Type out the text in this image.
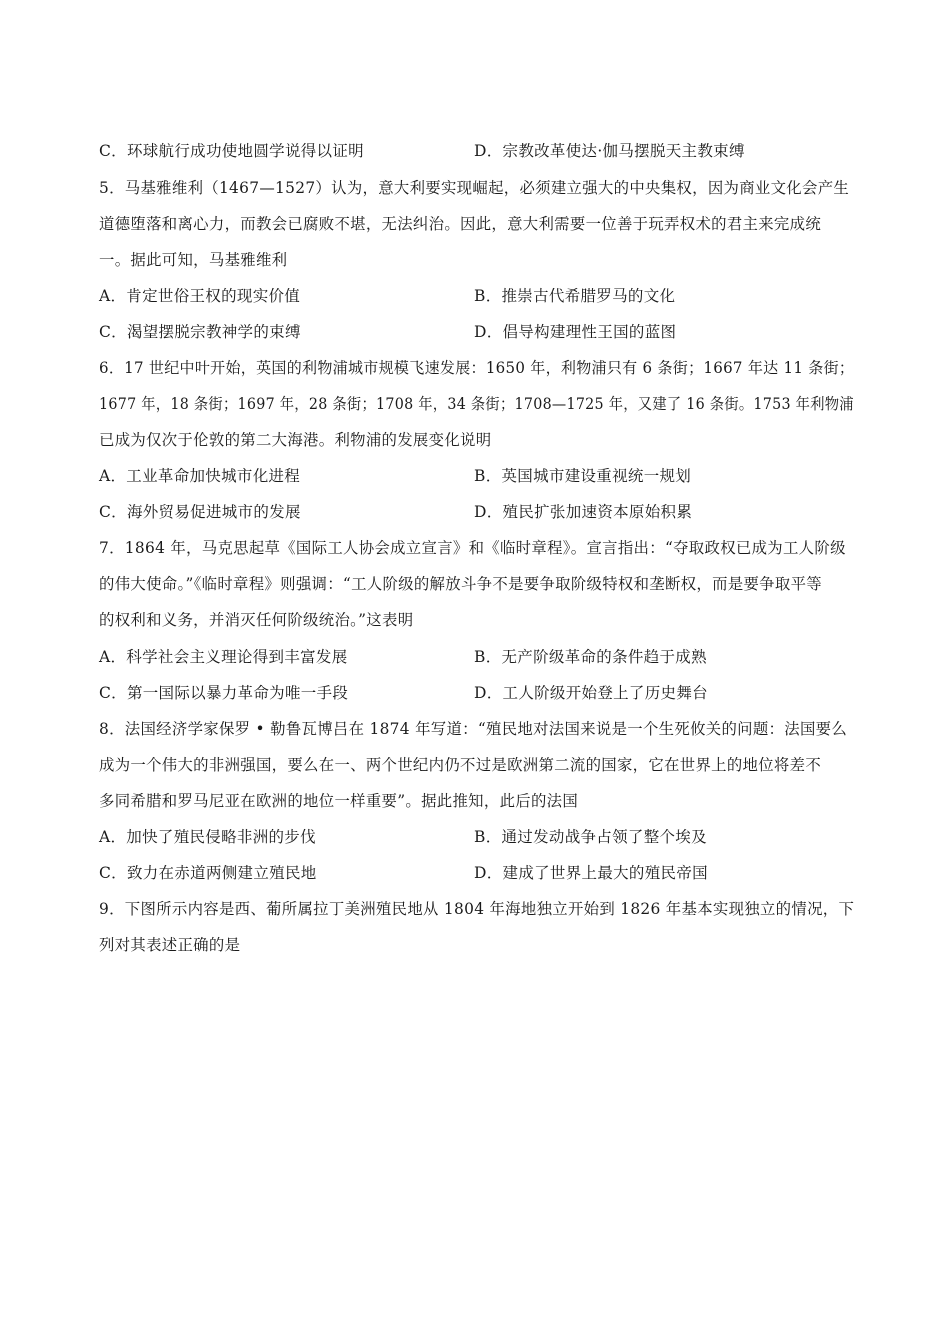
C．环球航行成功使地圆学说得以证明	D．宗教改革使达·伽马摆脱天主教束缚
5．马基雅维利（1467—1527）认为，意大利要实现崛起，必须建立强大的中央集权，因为商业文化会产生
道德堕落和离心力，而教会已腐败不堪，无法纠治。因此，意大利需要一位善于玩弄权术的君主来完成统
一。据此可知，马基雅维利
A．肯定世俗王权的现实价值	B．推崇古代希腊罗马的文化
C．渴望摆脱宗教神学的束缚	D．倡导构建理性王国的蓝图
6．17 世纪中叶开始，英国的利物浦城市规模飞速发展：1650 年，利物浦只有 6 条街；1667 年达 11 条街；
1677 年，18 条街；1697 年，28 条街；1708 年，34 条街；1708—1725 年，又建了 16 条街。1753 年利物浦
已成为仅次于伦敦的第二大海港。利物浦的发展变化说明
A．工业革命加快城市化进程	B．英国城市建设重视统一规划
C．海外贸易促进城市的发展	D．殖民扩张加速资本原始积累
7．1864 年，马克思起草《国际工人协会成立宣言》和《临时章程》。宣言指出：“夺取政权已成为工人阶级
的伟大使命。”《临时章程》则强调：“工人阶级的解放斗争不是要争取阶级特权和垄断权，而是要争取平等
的权利和义务，并消灭任何阶级统治。”这表明
A．科学社会主义理论得到丰富发展	B．无产阶级革命的条件趋于成熟
C．第一国际以暴力革命为唯一手段	D．工人阶级开始登上了历史舞台
8．法国经济学家保罗 • 勒鲁瓦博吕在 1874 年写道：“殖民地对法国来说是一个生死攸关的问题：法国要么
成为一个伟大的非洲强国，要么在一、两个世纪内仍不过是欧洲第二流的国家，它在世界上的地位将差不
多同希腊和罗马尼亚在欧洲的地位一样重要”。据此推知，此后的法国
A．加快了殖民侵略非洲的步伐	B．通过发动战争占领了整个埃及
C．致力在赤道两侧建立殖民地	D．建成了世界上最大的殖民帝国
9．下图所示内容是西、葡所属拉丁美洲殖民地从 1804 年海地独立开始到 1826 年基本实现独立的情况，下
列对其表述正确的是
